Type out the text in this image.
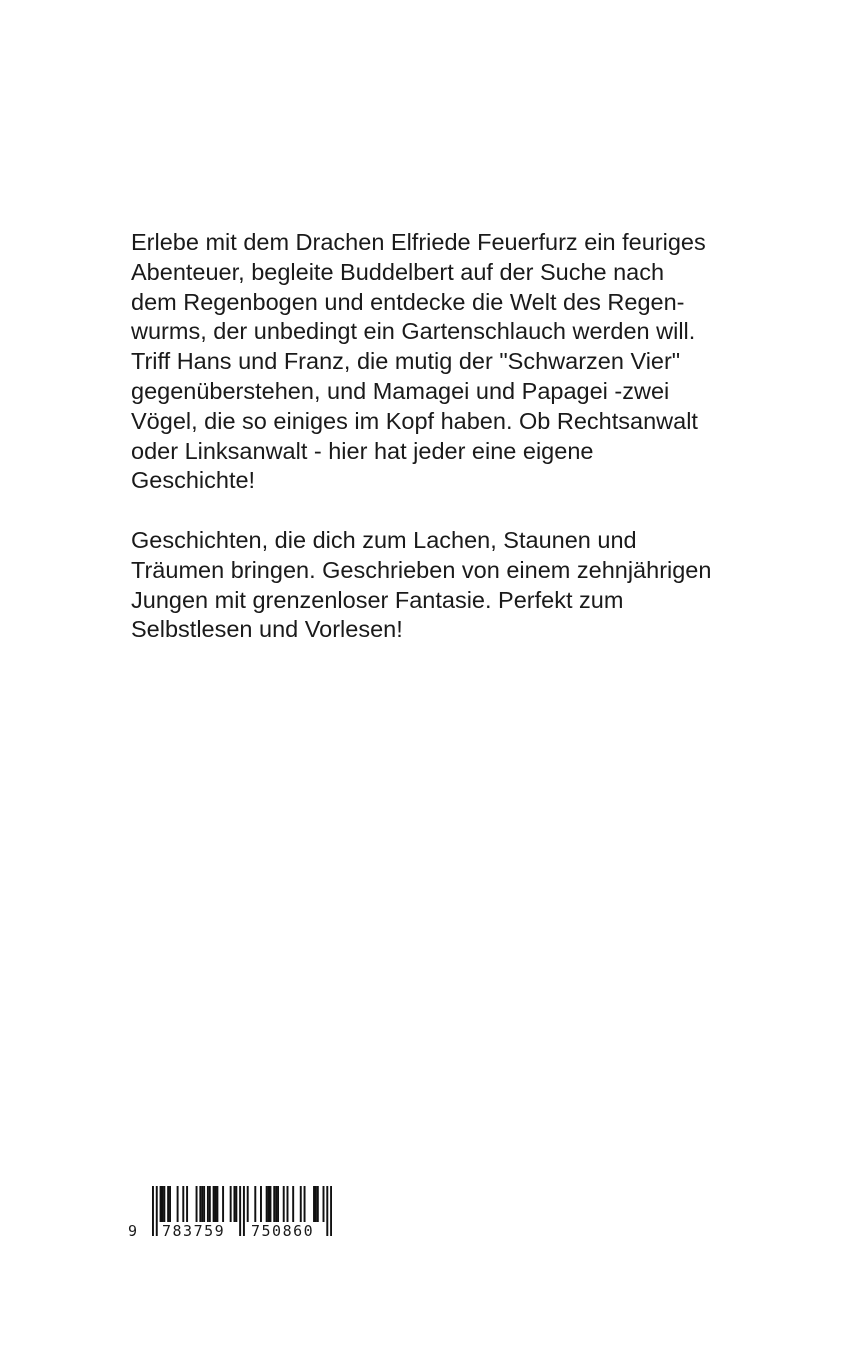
Erlebe mit dem Drachen Elfriede Feuerfurz ein feuriges
Abenteuer, begleite Buddelbert auf der Suche nach
dem Regenbogen und entdecke die Welt des Regen-
wurms, der unbedingt ein Gartenschlauch werden will.
Triff Hans und Franz, die mutig der "Schwarzen Vier"
gegenüberstehen, und Mamagei und Papagei -zwei
Vögel, die so einiges im Kopf haben. Ob Rechtsanwalt
oder Linksanwalt - hier hat jeder eine eigene
Geschichte!
Geschichten, die dich zum Lachen, Staunen und
Träumen bringen. Geschrieben von einem zehnjährigen
Jungen mit grenzenloser Fantasie. Perfekt zum
Selbstlesen und Vorlesen!
9 783759 750860
